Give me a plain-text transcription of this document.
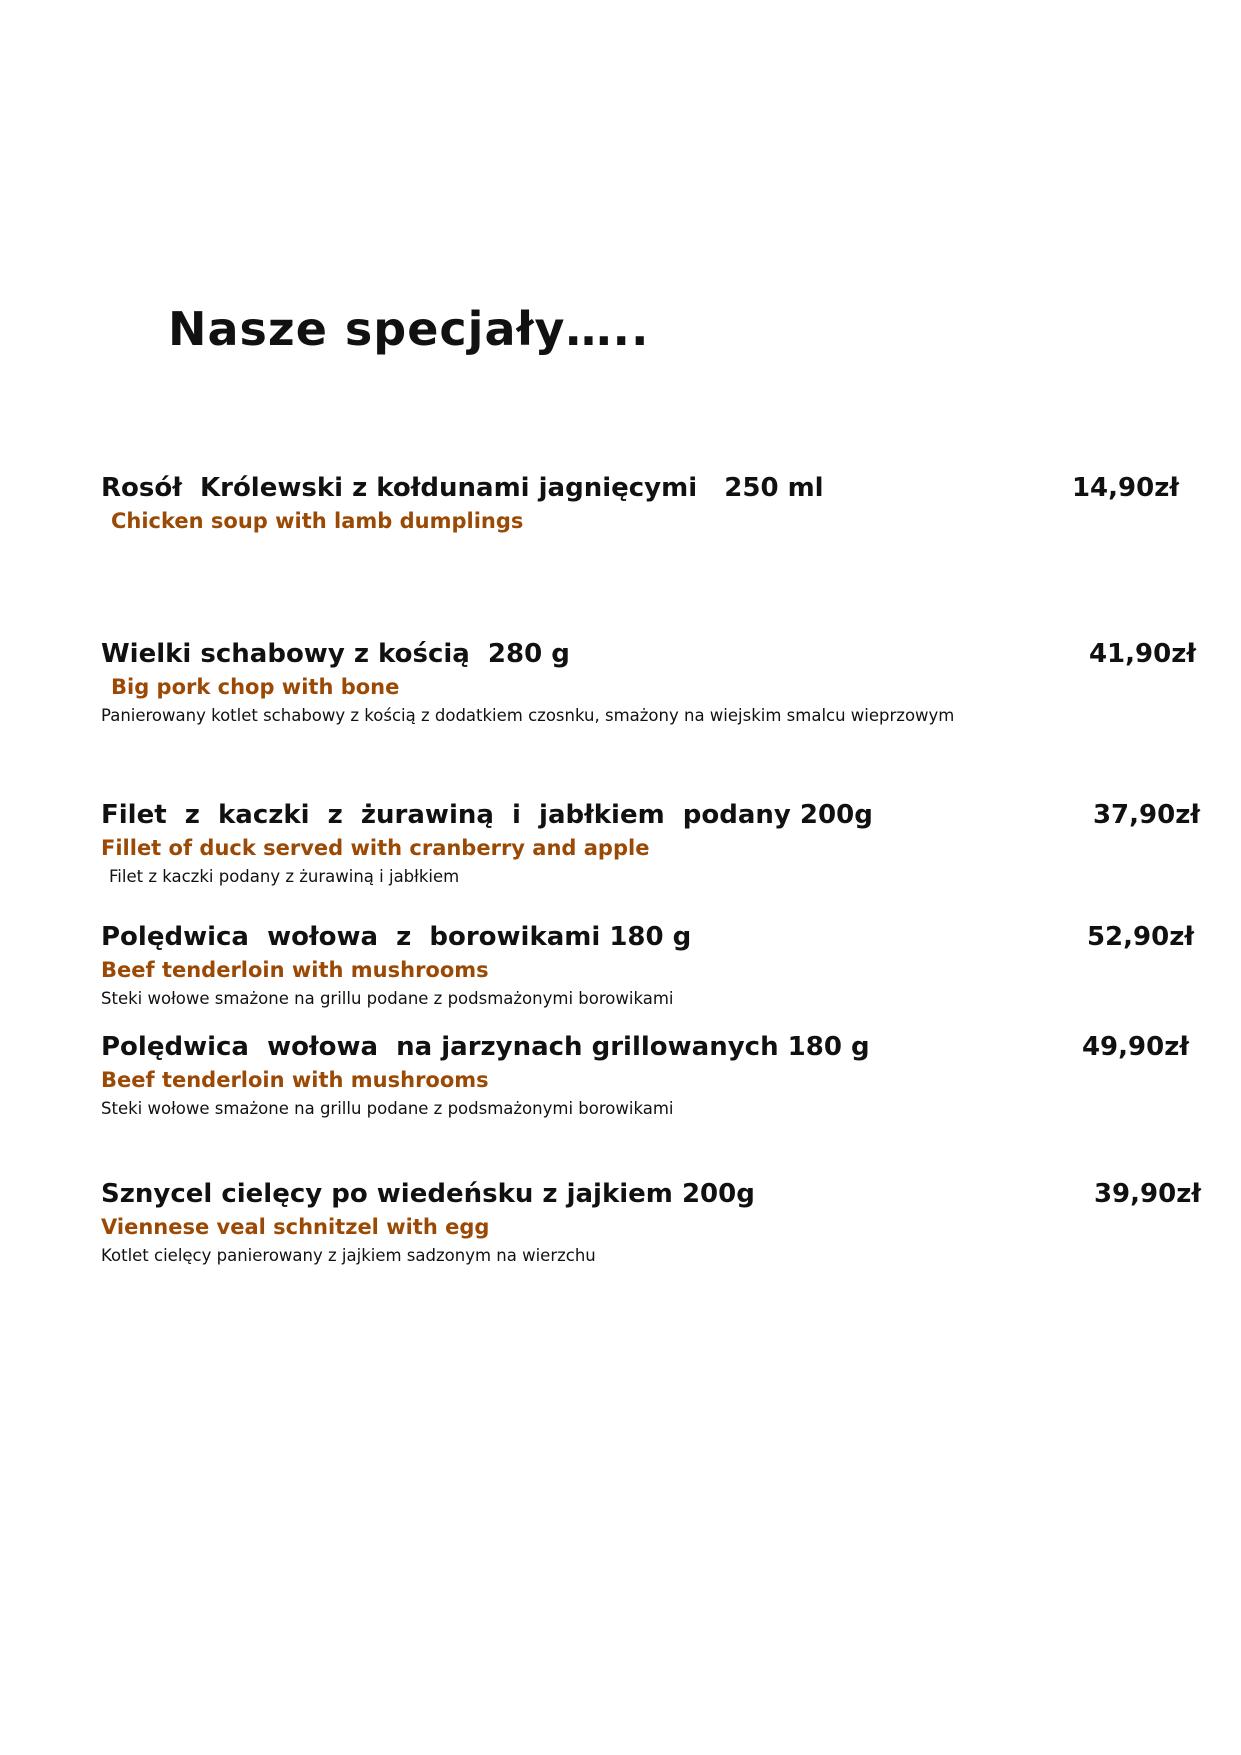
Nasze specjały…..
Rosół  Królewski z kołdunami jagnięcymi   250 ml
Chicken soup with lamb dumplings
14,90zł
Wielki schabowy z kością  280 g
Big pork chop with bone
Panierowany kotlet schabowy z kością z dodatkiem czosnku, smażony na wiejskim smalcu wieprzowym
41,90zł
Filet  z  kaczki  z  żurawiną  i  jabłkiem  podany 200g
Fillet of duck served with cranberry and apple
Filet z kaczki podany z żurawiną i jabłkiem
37,90zł
Polędwica  wołowa  z  borowikami 180 g
Beef tenderloin with mushrooms
Steki wołowe smażone na grillu podane z podsmażonymi borowikami
52,90zł
Polędwica  wołowa  na jarzynach grillowanych 180 g
Beef tenderloin with mushrooms
Steki wołowe smażone na grillu podane z podsmażonymi borowikami
49,90zł
Sznycel cielęcy po wiedeńsku z jajkiem 200g
Viennese veal schnitzel with egg
Kotlet cielęcy panierowany z jajkiem sadzonym na wierzchu
39,90zł
